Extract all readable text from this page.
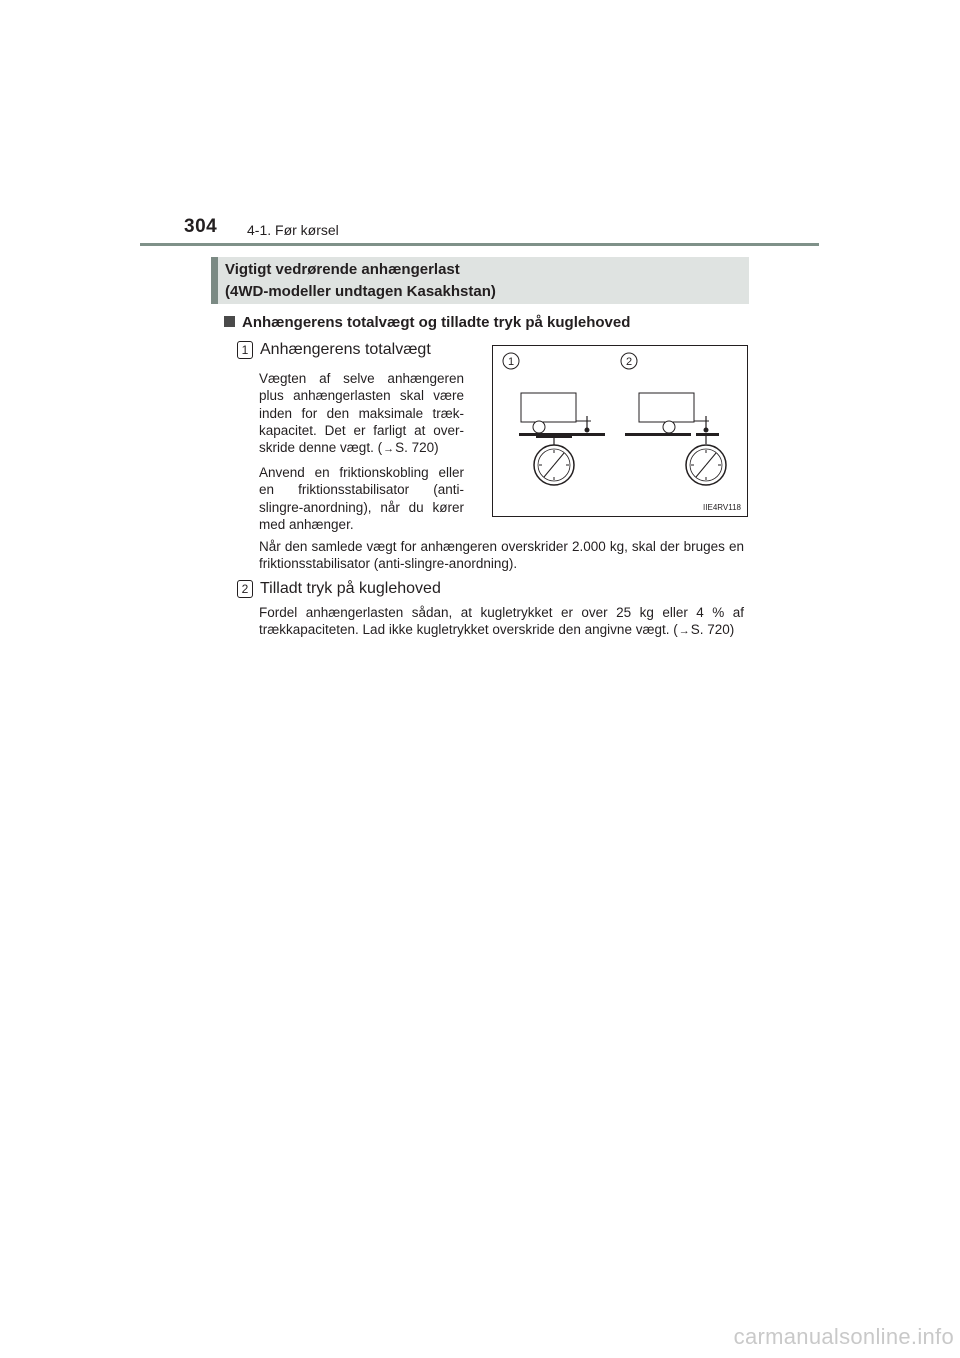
304 4-1. Før kørsel
Vigtigt vedrørende anhængerlast
(4WD-modeller undtagen Kasakhstan)
Anhængerens totalvægt og tilladte tryk på kuglehoved
1 Anhængerens totalvægt
Vægten af selve anhængeren plus anhængerlasten skal være inden for den maksimale træk-kapacitet. Det er farligt at over-skride denne vægt. (→S. 720)
Anvend en friktionskobling eller en friktionsstabilisator (anti-slingre-anordning), når du kører med anhænger.
Når den samlede vægt for anhængeren overskrider 2.000 kg, skal der bruges en friktionsstabilisator (anti-slingre-anordning).
2 Tilladt tryk på kuglehoved
Fordel anhængerlasten sådan, at kugletrykket er over 25 kg eller 4 % af trækkapaciteten. Lad ikke kugletrykket overskride den angivne vægt. (→S. 720)
1	2
IIE4RV118
carmanualsonline.info
